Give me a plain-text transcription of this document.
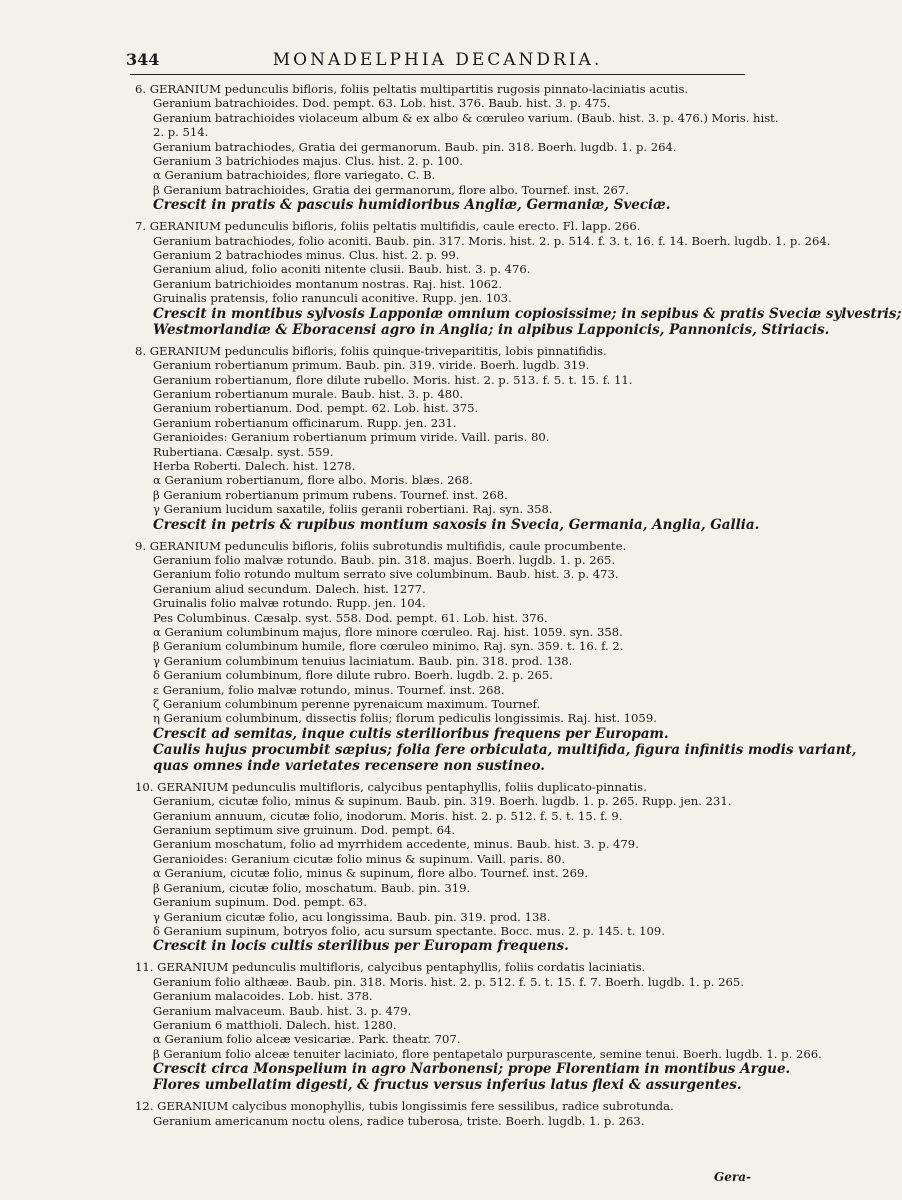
344	MONADELPHIA DECANDRIA.
6. GERANIUM pedunculis bifloris, foliis peltatis multipartitis rugosis pinnato-laciniatis acutis.
Geranium batrachioides. Dod. pempt. 63. Lob. hist. 376. Baub. hist. 3. p. 475.
Geranium batrachioides violaceum album & ex albo & cœruleo varium. (Baub. hist. 3. p. 476.) Moris. hist.
2. p. 514.
Geranium batrachiodes, Gratia dei germanorum. Baub. pin. 318. Boerh. lugdb. 1. p. 264.
Geranium 3 batrichiodes majus. Clus. hist. 2. p. 100.
α Geranium batrachioides, flore variegato. C. B.
β Geranium batrachioides, Gratia dei germanorum, flore albo. Tournef. inst. 267.
Crescit in pratis & pascuis humidioribus Angliæ, Germaniæ, Sveciæ.
7. GERANIUM pedunculis bifloris, foliis peltatis multifidis, caule erecto. Fl. lapp. 266.
Geranium batrachiodes, folio aconiti. Baub. pin. 317. Moris. hist. 2. p. 514. f. 3. t. 16. f. 14. Boerh. lugdb. 1. p. 264.
Geranium 2 batrachiodes minus. Clus. hist. 2. p. 99.
Geranium aliud, folio aconiti nitente clusii. Baub. hist. 3. p. 476.
Geranium batrichioides montanum nostras. Raj. hist. 1062.
Gruinalis pratensis, folio ranunculi aconitive. Rupp. jen. 103.
Crescit in montibus sylvosis Lapponiæ omnium copiosissime; in sepibus & pratis Sveciæ sylvestris;
Westmorlandiæ & Eboracensi agro in Anglia; in alpibus Lapponicis, Pannonicis, Stiriacis.
8. GERANIUM pedunculis bifloris, foliis quinque-triveparititis, lobis pinnatifidis.
Geranium robertianum primum. Baub. pin. 319. viride. Boerh. lugdb. 319.
Geranium robertianum, flore dilute rubello. Moris. hist. 2. p. 513. f. 5. t. 15. f. 11.
Geranium robertianum murale. Baub. hist. 3. p. 480.
Geranium robertianum. Dod. pempt. 62. Lob. hist. 375.
Geranium robertianum officinarum. Rupp. jen. 231.
Geranioides: Geranium robertianum primum viride. Vaill. paris. 80.
Rubertiana. Cæsalp. syst. 559.
Herba Roberti. Dalech. hist. 1278.
α Geranium robertianum, flore albo. Moris. blæs. 268.
β Geranium robertianum primum rubens. Tournef. inst. 268.
γ Geranium lucidum saxatile, foliis geranii robertiani. Raj. syn. 358.
Crescit in petris & rupibus montium saxosis in Svecia, Germania, Anglia, Gallia.
9. GERANIUM pedunculis bifloris, foliis subrotundis multifidis, caule procumbente.
Geranium folio malvæ rotundo. Baub. pin. 318. majus. Boerh. lugdb. 1. p. 265.
Geranium folio rotundo multum serrato sive columbinum. Baub. hist. 3. p. 473.
Geranium aliud secundum. Dalech. hist. 1277.
Gruinalis folio malvæ rotundo. Rupp. jen. 104.
Pes Columbinus. Cæsalp. syst. 558. Dod. pempt. 61. Lob. hist. 376.
α Geranium columbinum majus, flore minore cœruleo. Raj. hist. 1059. syn. 358.
β Geranium columbinum humile, flore cœruleo minimo. Raj. syn. 359. t. 16. f. 2.
γ Geranium columbinum tenuius laciniatum. Baub. pin. 318. prod. 138.
δ Geranium columbinum, flore dilute rubro. Boerh. lugdb. 2. p. 265.
ε Geranium, folio malvæ rotundo, minus. Tournef. inst. 268.
ζ Geranium columbinum perenne pyrenaicum maximum. Tournef.
η Geranium columbinum, dissectis foliis; florum pediculis longissimis. Raj. hist. 1059.
Crescit ad semitas, inque cultis sterilioribus frequens per Europam.
Caulis hujus procumbit sæpius; folia fere orbiculata, multifida, figura infinitis modis variant,
quas omnes inde varietates recensere non sustineo.
10. GERANIUM pedunculis multifloris, calycibus pentaphyllis, foliis duplicato-pinnatis.
Geranium, cicutæ folio, minus & supinum. Baub. pin. 319. Boerh. lugdb. 1. p. 265. Rupp. jen. 231.
Geranium annuum, cicutæ folio, inodorum. Moris. hist. 2. p. 512. f. 5. t. 15. f. 9.
Geranium septimum sive gruinum. Dod. pempt. 64.
Geranium moschatum, folio ad myrrhidem accedente, minus. Baub. hist. 3. p. 479.
Geranioides: Geranium cicutæ folio minus & supinum. Vaill. paris. 80.
α Geranium, cicutæ folio, minus & supinum, flore albo. Tournef. inst. 269.
β Geranium, cicutæ folio, moschatum. Baub. pin. 319.
Geranium supinum. Dod. pempt. 63.
γ Geranium cicutæ folio, acu longissima. Baub. pin. 319. prod. 138.
δ Geranium supinum, botryos folio, acu sursum spectante. Bocc. mus. 2. p. 145. t. 109.
Crescit in locis cultis sterilibus per Europam frequens.
11. GERANIUM pedunculis multifloris, calycibus pentaphyllis, foliis cordatis laciniatis.
Geranium folio althææ. Baub. pin. 318. Moris. hist. 2. p. 512. f. 5. t. 15. f. 7. Boerh. lugdb. 1. p. 265.
Geranium malacoides. Lob. hist. 378.
Geranium malvaceum. Baub. hist. 3. p. 479.
Geranium 6 matthioli. Dalech. hist. 1280.
α Geranium folio alceæ vesicariæ. Park. theatr. 707.
β Geranium folio alceæ tenuiter laciniato, flore pentapetalo purpurascente, semine tenui. Boerh. lugdb. 1. p. 266.
Crescit circa Monspelium in agro Narbonensi; prope Florentiam in montibus Argue.
Flores umbellatim digesti, & fructus versus inferius latus flexi & assurgentes.
12. GERANIUM calycibus monophyllis, tubis longissimis fere sessilibus, radice subrotunda.
Geranium americanum noctu olens, radice tuberosa, triste. Boerh. lugdb. 1. p. 263.
Gera-
